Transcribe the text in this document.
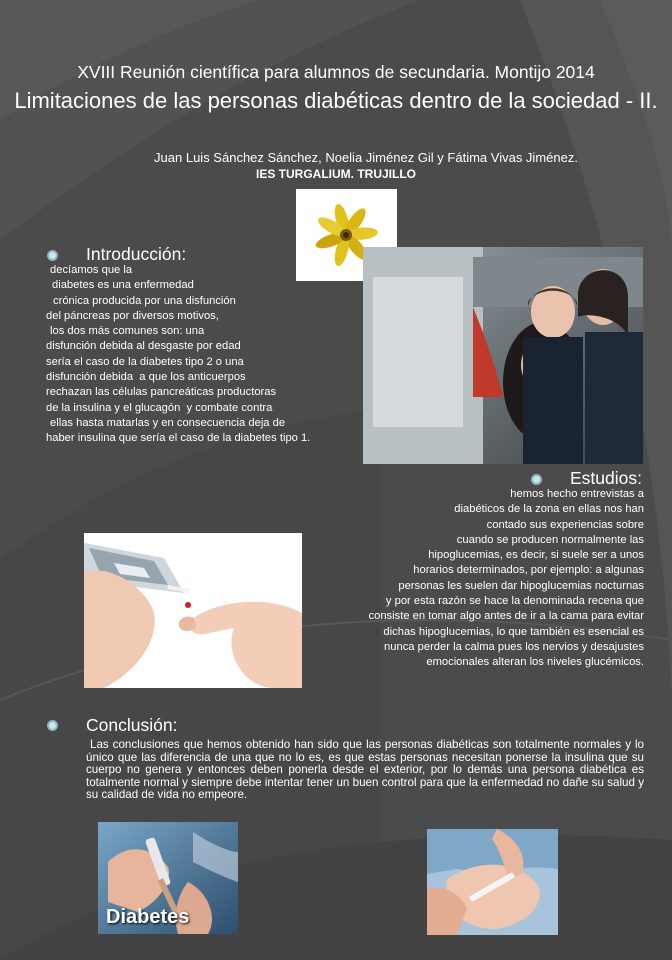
XVIII Reunión científica para alumnos de secundaria. Montijo 2014
Limitaciones de las personas diabéticas dentro de la sociedad - II.
Juan Luis Sánchez Sánchez, Noelia Jiménez Gil y Fátima Vivas Jiménez.
IES TURGALIUM. TRUJILLO
Introducción:
decíamos que la
diabetes es una enfermedad
crónica producida por una disfunción
del páncreas por diversos motivos,
los dos más comunes son: una
disfunción debida al desgaste por edad
sería el caso de la diabetes tipo 2 o una
disfunción debida  a que los anticuerpos
rechazan las células pancreáticas productoras
de la insulina y el glucagón  y combate contra
ellas hasta matarlas y en consecuencia deja de
haber insulina que sería el caso de la diabetes tipo 1.
Estudios:
hemos hecho entrevistas a
diabéticos de la zona en ellas nos han
contado sus experiencias sobre
cuando se producen normalmente las
hipoglucemias, es decir, si suele ser a unos
horarios determinados, por ejemplo: a algunas
personas les suelen dar hipoglucemias nocturnas
y por esta razón se hace la denominada recena que
consiste en tomar algo antes de ir a la cama para evitar
dichas hipoglucemias, lo que también es esencial es
nunca perder la calma pues los nervios y desajustes
emocionales alteran los niveles glucémicos.
Conclusión:
Las conclusiones que hemos obtenido han sido que las personas diabéticas son totalmente normales y lo único que las diferencia de una que no lo es, es que estas personas necesitan ponerse la insulina que su cuerpo no genera y entonces deben ponerla desde el exterior, por lo demás una persona diabética es totalmente normal y siempre debe intentar tener un buen control para que la enfermedad no dañe su salud y su calidad de vida no empeore.
Diabetes
